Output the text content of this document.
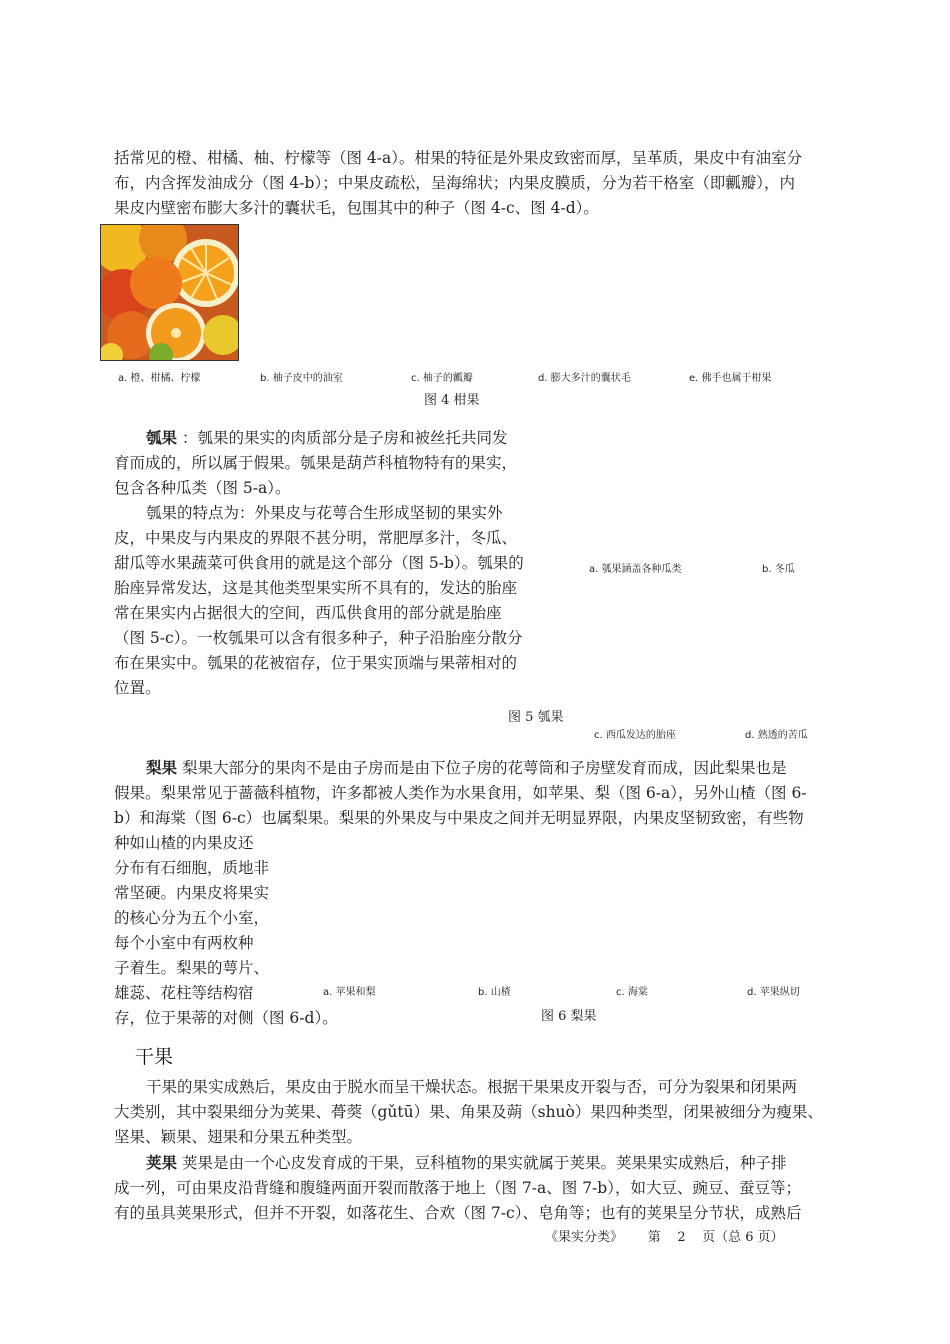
括常见的橙、柑橘、柚、柠檬等（图 4-a）。柑果的特征是外果皮致密而厚，呈革质，果皮中有油室分
布，内含挥发油成分（图 4-b）；中果皮疏松，呈海绵状；内果皮膜质，分为若干格室（即瓤瓣），内
果皮内壁密布膨大多汁的囊状毛，包围其中的种子（图 4-c、图 4-d）。
a. 橙、柑橘、柠檬	b. 柚子皮中的油室	c. 柚子的瓤瓣	d. 膨大多汁的囊状毛	e. 佛手也属于柑果
图 4 柑果
瓠果 ：瓠果的果实的肉质部分是子房和被丝托共同发
育而成的，所以属于假果。瓠果是葫芦科植物特有的果实，
包含各种瓜类（图 5-a）。
瓠果的特点为：外果皮与花萼合生形成坚韧的果实外
皮，中果皮与内果皮的界限不甚分明，常肥厚多汁，冬瓜、
甜瓜等水果蔬菜可供食用的就是这个部分（图 5-b）。瓠果的
胎座异常发达，这是其他类型果实所不具有的，发达的胎座
常在果实内占据很大的空间，西瓜供食用的部分就是胎座
（图 5-c）。一枚瓠果可以含有很多种子，种子沿胎座分散分
布在果实中。瓠果的花被宿存，位于果实顶端与果蒂相对的
位置。
a. 瓠果涵盖各种瓜类	b. 冬瓜
图 5 瓠果
c. 西瓜发达的胎座	d. 熟透的苦瓜
梨果 梨果大部分的果肉不是由子房而是由下位子房的花萼筒和子房壁发育而成，因此梨果也是
假果。梨果常见于蔷薇科植物，许多都被人类作为水果食用，如苹果、梨（图 6-a），另外山楂（图 6-
b）和海棠（图 6-c）也属梨果。梨果的外果皮与中果皮之间并无明显界限，内果皮坚韧致密，有些物
种如山楂的内果皮还
分布有石细胞，质地非
常坚硬。内果皮将果实
的核心分为五个小室，
每个小室中有两枚种
子着生。梨果的萼片、
雄蕊、花柱等结构宿
存，位于果蒂的对侧（图 6-d）。
a. 苹果和梨	b. 山楂	c. 海棠	d. 苹果纵切
图 6 梨果
干果
干果的果实成熟后，果皮由于脱水而呈干燥状态。根据干果果皮开裂与否，可分为裂果和闭果两
大类别，其中裂果细分为荚果、蓇葖（gǔtū）果、角果及蒴（shuò）果四种类型，闭果被细分为瘦果、
坚果、颖果、翅果和分果五种类型。
荚果 荚果是由一个心皮发育成的干果，豆科植物的果实就属于荚果。荚果果实成熟后，种子排
成一列，可由果皮沿背缝和腹缝两面开裂而散落于地上（图 7-a、图 7-b），如大豆、豌豆、蚕豆等；
有的虽具荚果形式，但并不开裂，如落花生、合欢（图 7-c）、皂角等；也有的荚果呈分节状，成熟后
《果实分类》      第    2    页（总 6 页）
